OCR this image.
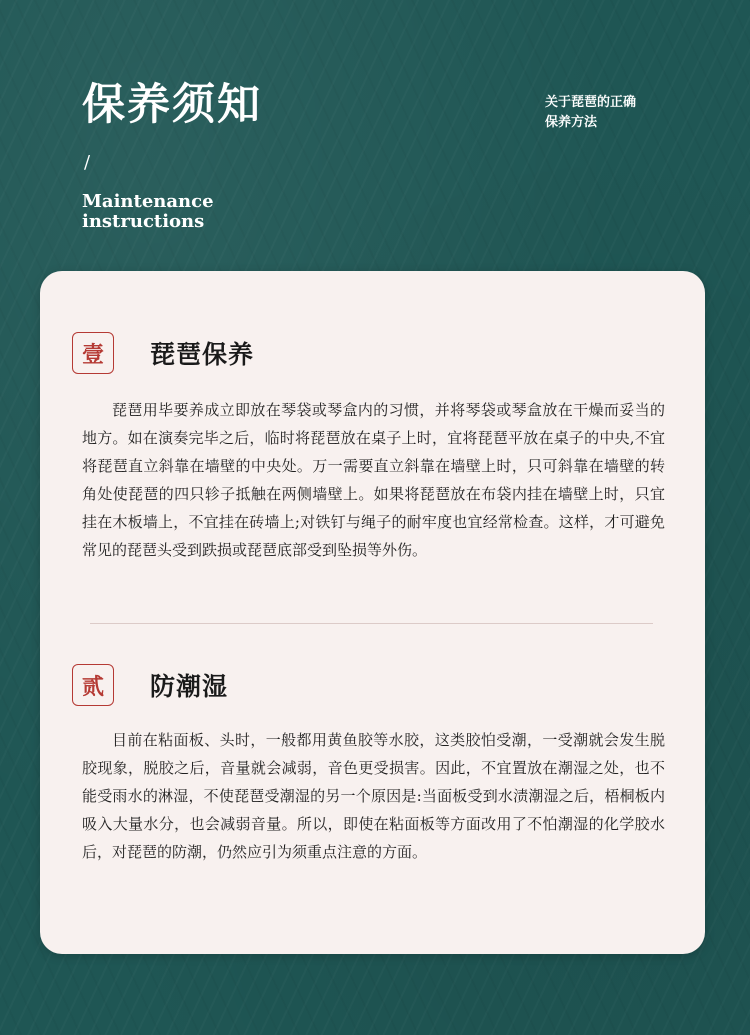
保养须知	关于琵琶的正确
保养方法
/
Maintenance
instructions
壹	琵琶保养

琵琶用毕要养成立即放在琴袋或琴盒内的习惯，并将琴袋或琴盒放在干燥而妥当的地方。如在演奏完毕之后，临时将琵琶放在桌子上时，宜将琵琶平放在桌子的中央,不宜将琵琶直立斜靠在墙壁的中央处。万一需要直立斜靠在墙壁上时，只可斜靠在墙壁的转角处使琵琶的四只轸子抵触在两侧墙壁上。如果将琵琶放在布袋内挂在墙壁上时，只宜挂在木板墙上，不宜挂在砖墙上;对铁钉与绳子的耐牢度也宜经常检查。这样，才可避免常见的琵琶头受到跌损或琵琶底部受到坠损等外伤。

贰	防潮湿

目前在粘面板、头时，一般都用黄鱼胶等水胶，这类胶怕受潮，一受潮就会发生脱胶现象，脱胶之后，音量就会减弱，音色更受损害。因此，不宜置放在潮湿之处，也不能受雨水的淋湿，不使琵琶受潮湿的另一个原因是:当面板受到水渍潮湿之后，梧桐板内吸入大量水分，也会减弱音量。所以，即使在粘面板等方面改用了不怕潮湿的化学胶水后，对琵琶的防潮，仍然应引为须重点注意的方面。
